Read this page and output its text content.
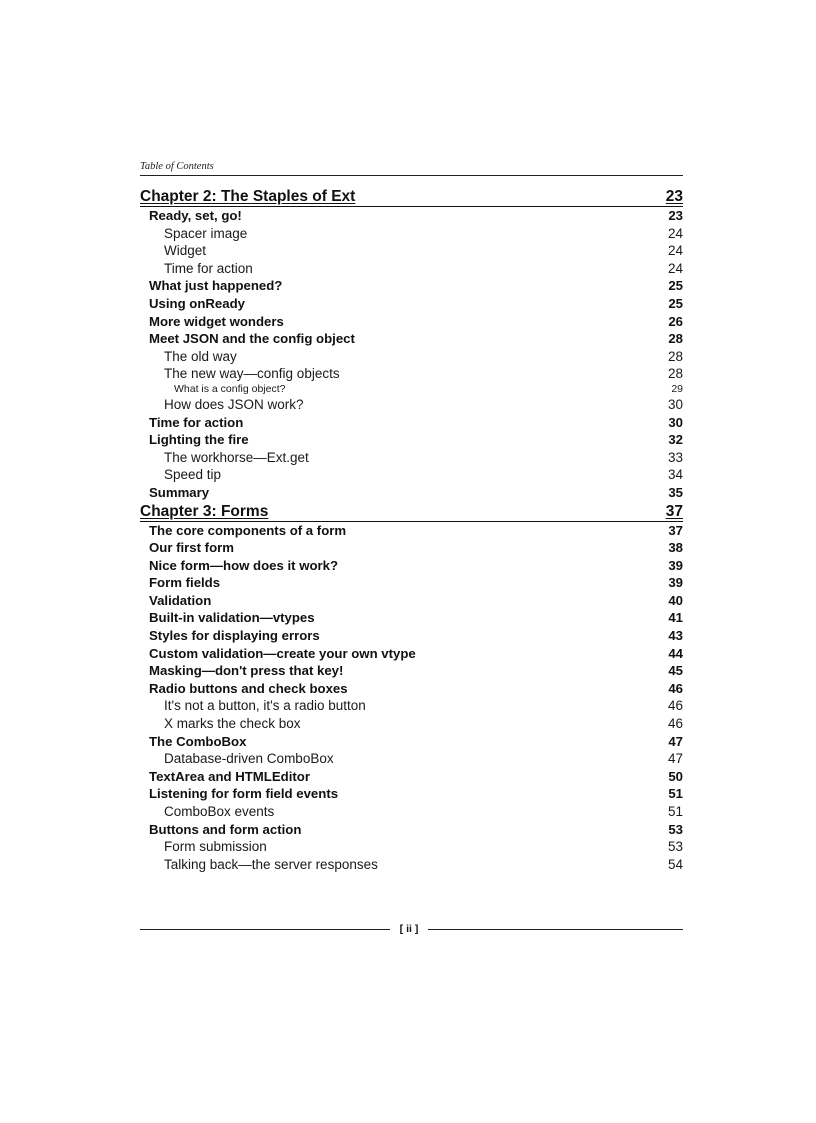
Table of Contents
Chapter 2: The Staples of Ext	23
Ready, set, go!	23
Spacer image	24
Widget	24
Time for action	24
What just happened?	25
Using onReady	25
More widget wonders	26
Meet JSON and the config object	28
The old way	28
The new way—config objects	28
What is a config object?	29
How does JSON work?	30
Time for action	30
Lighting the fire	32
The workhorse—Ext.get	33
Speed tip	34
Summary	35
Chapter 3: Forms	37
The core components of a form	37
Our first form	38
Nice form—how does it work?	39
Form fields	39
Validation	40
Built-in validation—vtypes	41
Styles for displaying errors	43
Custom validation—create your own vtype	44
Masking—don't press that key!	45
Radio buttons and check boxes	46
It's not a button, it's a radio button	46
X marks the check box	46
The ComboBox	47
Database-driven ComboBox	47
TextArea and HTMLEditor	50
Listening for form field events	51
ComboBox events	51
Buttons and form action	53
Form submission	53
Talking back—the server responses	54
[ ii ]
